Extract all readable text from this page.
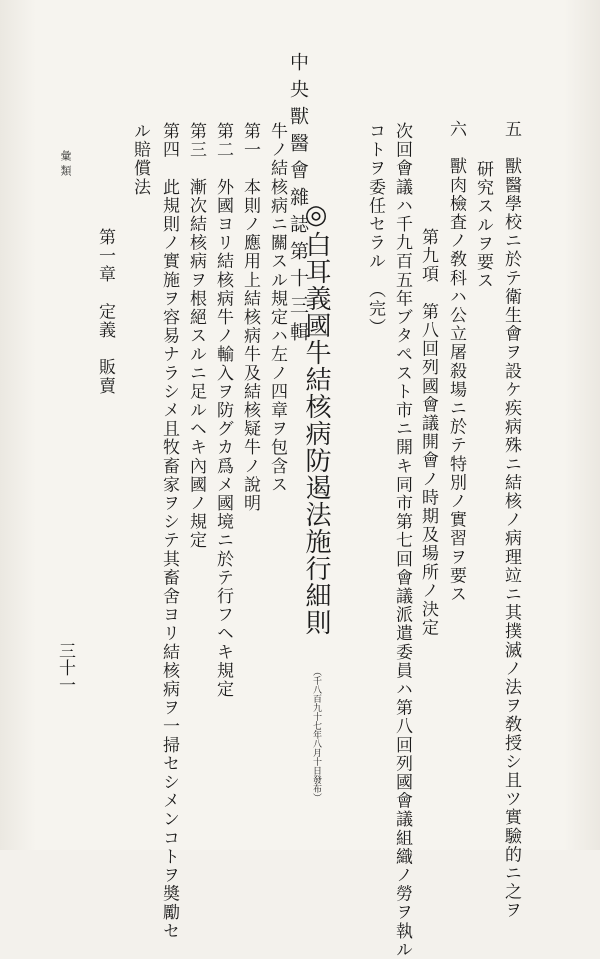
中央獸醫會雜誌第十三輯
彙類
三十一	五　獸醫學校ニ於テ衛生會ヲ設ケ疾病殊ニ結核ノ病理竝ニ其撲滅ノ法ヲ敎授シ且ツ實驗的ニ之ヲ
研究スルヲ要ス
六　獸肉檢査ノ敎科ハ公立屠殺場ニ於テ特別ノ實習ヲ要ス
第九項　第八回列國會議開會ノ時期及場所ノ決定
次回會議ハ千九百五年ブタペスト市ニ開キ同市第七回會議派遣委員ハ第八回列國會議組織ノ勞ヲ執ル
コトヲ委任セラル　（完）
◎白耳義國牛結核病防遏法施行細則 （千八百九十七年八月十日發布）
牛ノ結核病ニ關スル規定ハ左ノ四章ヲ包含ス
第一　本則ノ應用上結核病牛及結核疑牛ノ說明
第二　外國ヨリ結核病牛ノ輸入ヲ防グカ爲メ國境ニ於テ行フヘキ規定
第三　漸次結核病ヲ根絕スルニ足ルヘキ內國ノ規定
第四　此規則ノ實施ヲ容易ナラシメ且牧畜家ヲシテ其畜舍ヨリ結核病ヲ一掃セシメンコトヲ奬勵セ
ル賠償法
第一章　定義　販賣
